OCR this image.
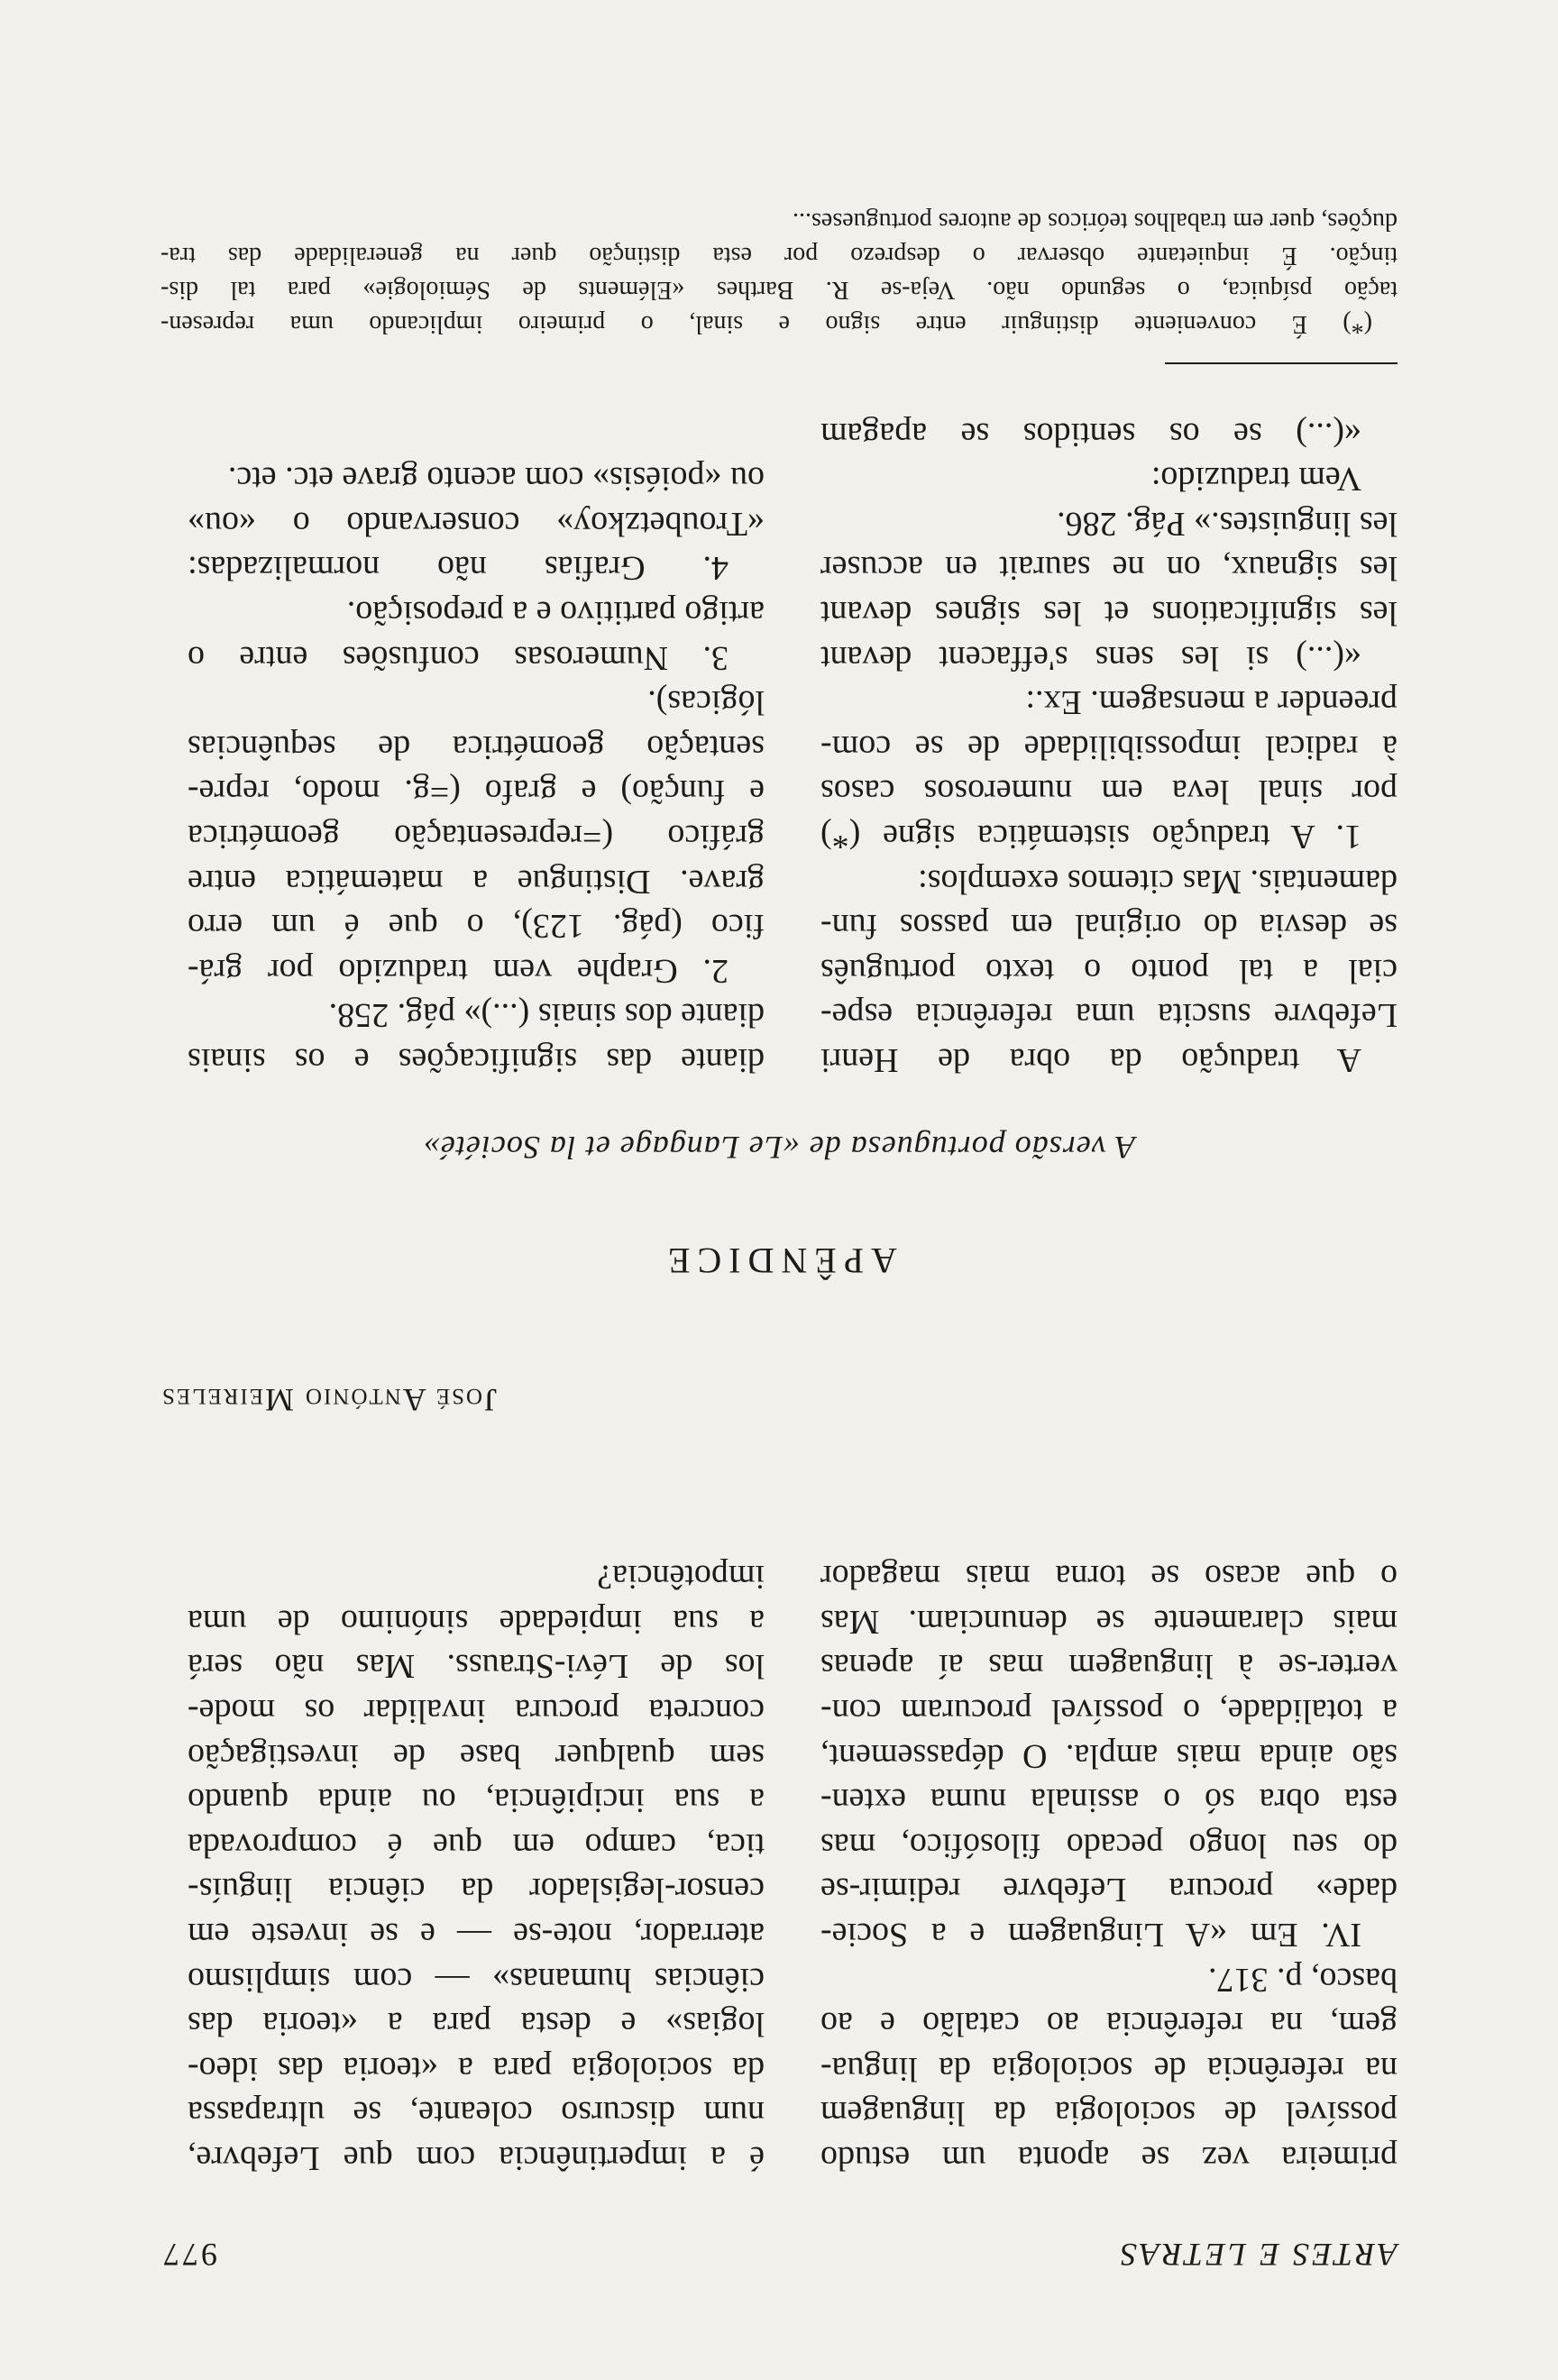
ARTES E LETRAS
977
primeira vez se aponta um estudo
possível de sociologia da linguagem
na referência de sociologia da lingua-
gem, na referência ao catalão e ao
basco, p. 317.
IV. Em «A Linguagem e a Socie-
dade» procura Lefebvre redimir-se
do seu longo pecado filosófico, mas
esta obra só o assinala numa exten-
são ainda mais ampla. O dépassement,
a totalidade, o possível procuram con-
verter-se à linguagem mas aí apenas
mais claramente se denunciam. Mas
o que acaso se torna mais magador
é a impertinência com que Lefebvre,
num discurso coleante, se ultrapassa
da sociologia para a «teoria das ideo-
logias» e desta para a «teoria das
ciências humanas» — com simplismo
aterrador, note-se — e se investe em
censor-legislador da ciência linguís-
tica, campo em que é comprovada
a sua incipiência, ou ainda quando
sem qualquer base de investigação
concreta procura invalidar os mode-
los de Lévi-Strauss. Mas não será
a sua impiedade sinónimo de uma
impotência?
José António Meireles
APÊNDICE
A versão portuguesa de «Le Langage et la Société»
A tradução da obra de Henri
Lefebvre suscita uma referência espe-
cial a tal ponto o texto português
se desvia do original em passos fun-
damentais. Mas citemos exemplos:
1. A tradução sistemática signe (*)
por sinal leva em numerosos casos
à radical impossibilidade de se com-
preender a mensagem. Ex.:
«(...) si les sens s'effacent devant
les significations et les signes devant
les signaux, on ne saurait en accuser
les linguistes.» Pág. 286.
Vem traduzido:
«(...) se os sentidos se apagam
diante das significações e os sinais
diante dos sinais (...)» pág. 258.
2. Graphe vem traduzido por grá-
fico (pág. 123), o que é um erro
grave. Distingue a matemática entre
gráfico (=representação geométrica
e função) e grafo (=g. modo, repre-
sentação geométrica de sequências
lógicas).
3. Numerosas confusões entre o
artigo partitivo e a preposição.
4. Grafias não normalizadas:
«Troubetzkoy» conservando o «ou»
ou «poiésis» com acento grave etc. etc.
(*) É conveniente distinguir entre signo e sinal, o primeiro implicando uma represen-
tação psíquica, o segundo não. Veja-se R. Barthes «Eléments de Sémiologie» para tal dis-
tinção. É inquietante observar o desprezo por esta distinção quer na generalidade das tra-
duções, quer em trabalhos teóricos de autores portugueses...
